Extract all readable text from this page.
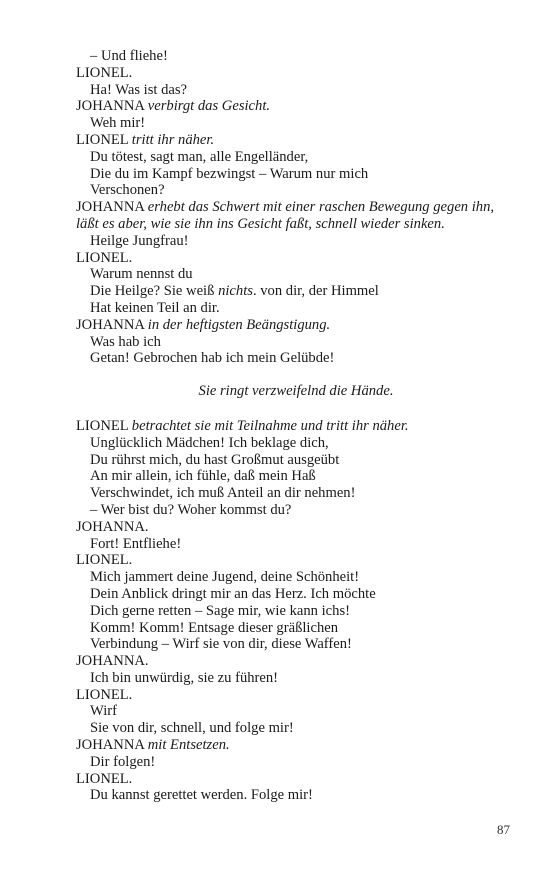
– Und fliehe!
LIONEL.
Ha! Was ist das?
JOHANNA verbirgt das Gesicht.
Weh mir!
LIONEL tritt ihr näher.
Du tötest, sagt man, alle Engelländer,
Die du im Kampf bezwingst – Warum nur mich
Verschonen?
JOHANNA erhebt das Schwert mit einer raschen Bewegung gegen ihn, läßt es aber, wie sie ihn ins Gesicht faßt, schnell wieder sinken.
Heilge Jungfrau!
LIONEL.
Warum nennst du
Die Heilge? Sie weiß nichts. von dir, der Himmel
Hat keinen Teil an dir.
JOHANNA in der heftigsten Beängstigung.
Was hab ich
Getan! Gebrochen hab ich mein Gelübde!
Sie ringt verzweifelnd die Hände.
LIONEL betrachtet sie mit Teilnahme und tritt ihr näher.
Unglücklich Mädchen! Ich beklage dich,
Du rührst mich, du hast Großmut ausgeübt
An mir allein, ich fühle, daß mein Haß
Verschwindet, ich muß Anteil an dir nehmen!
– Wer bist du? Woher kommst du?
JOHANNA.
Fort! Entfliehe!
LIONEL.
Mich jammert deine Jugend, deine Schönheit!
Dein Anblick dringt mir an das Herz. Ich möchte
Dich gerne retten – Sage mir, wie kann ichs!
Komm! Komm! Entsage dieser gräßlichen
Verbindung – Wirf sie von dir, diese Waffen!
JOHANNA.
Ich bin unwürdig, sie zu führen!
LIONEL.
Wirf
Sie von dir, schnell, und folge mir!
JOHANNA mit Entsetzen.
Dir folgen!
LIONEL.
Du kannst gerettet werden. Folge mir!
87
